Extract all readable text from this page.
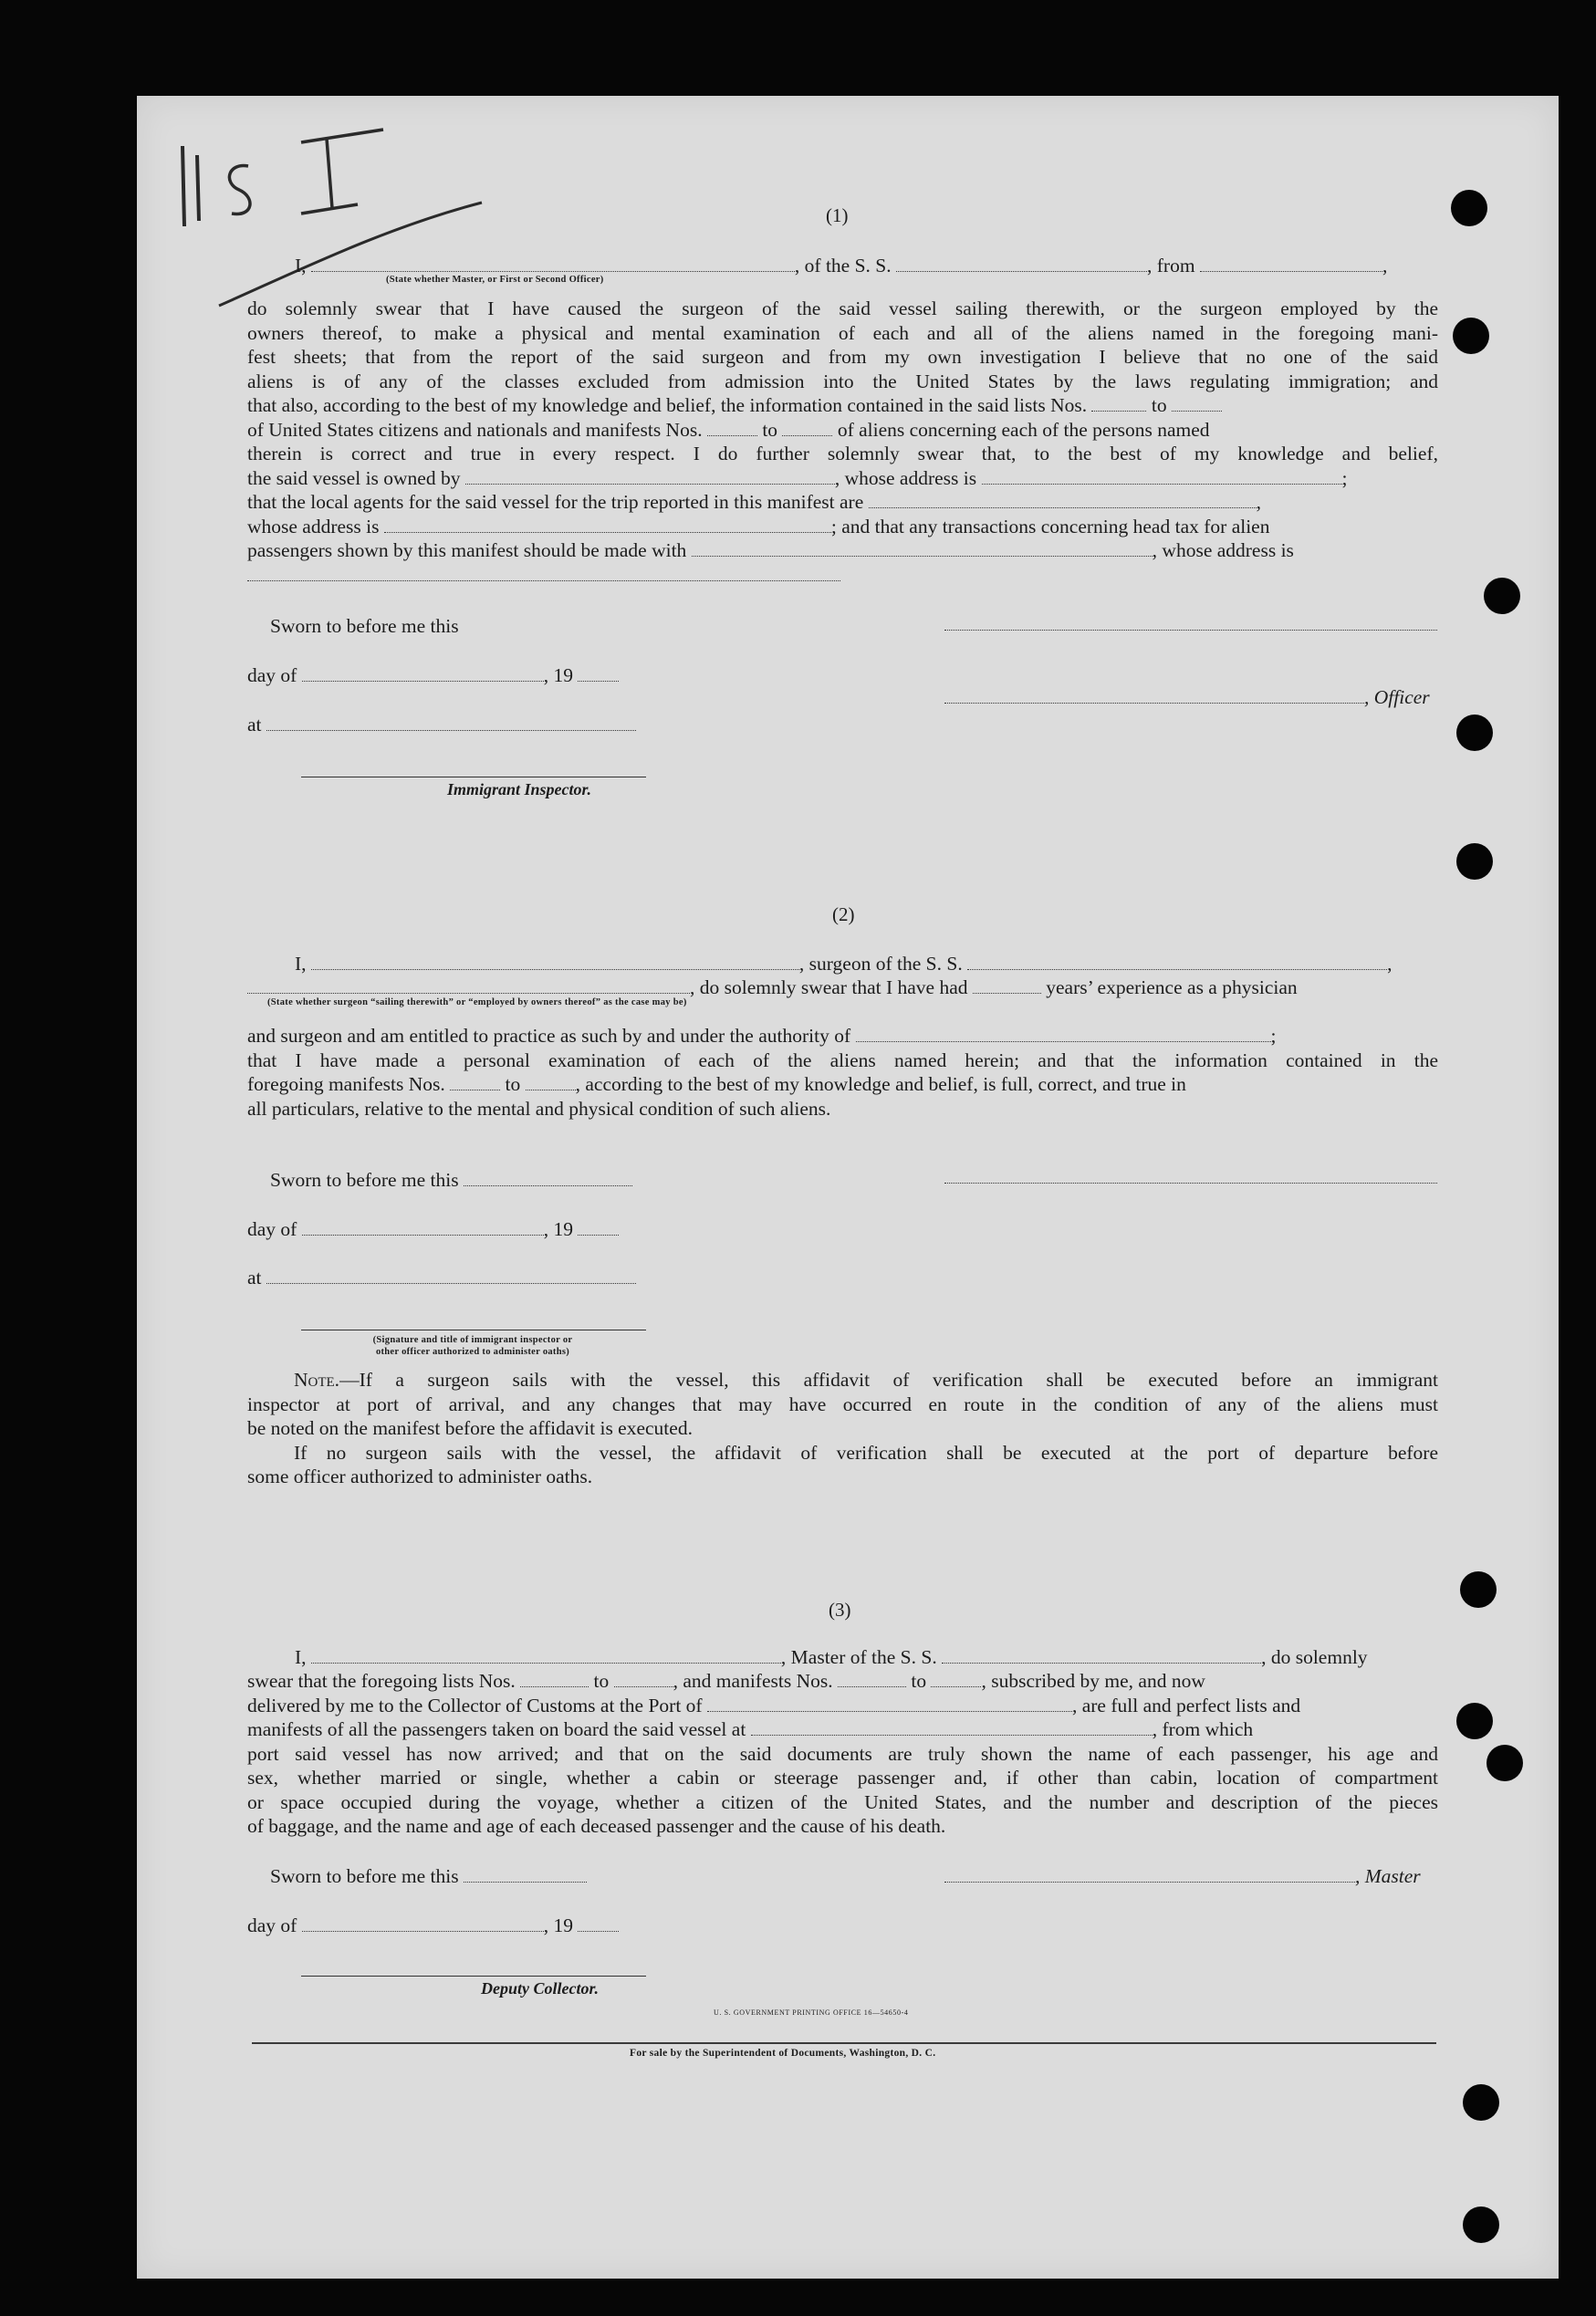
(1)
I,	, of the S. S.	, from	,
(State whether Master, or First or Second Officer)
do solemnly swear that I have caused the surgeon of the said vessel sailing therewith, or the surgeon employed by the
owners thereof, to make a physical and mental examination of each and all of the aliens named in the foregoing mani-
fest sheets; that from the report of the said surgeon and from my own investigation I believe that no one of the said
aliens is of any of the classes excluded from admission into the United States by the laws regulating immigration; and
that also, according to the best of my knowledge and belief, the information contained in the said lists Nos.	to
of United States citizens and nationals and manifests Nos.	to	of aliens concerning each of the persons named
therein is correct and true in every respect. I do further solemnly swear that, to the best of my knowledge and belief,
the said vessel is owned by	, whose address is	;
that the local agents for the said vessel for the trip reported in this manifest are	,
whose address is	; and that any transactions concerning head tax for alien
passengers shown by this manifest should be made with	, whose address is
Sworn to before me this
day of	, 19
at
, Officer
Immigrant Inspector.
(2)
I,	, surgeon of the S. S.	,
, do solemnly swear that I have had	years’ experience as a physician
(State whether surgeon “sailing therewith” or “employed by owners thereof” as the case may be)
and surgeon and am entitled to practice as such by and under the authority of	;
that I have made a personal examination of each of the aliens named herein; and that the information contained in the
foregoing manifests Nos.	to	, according to the best of my knowledge and belief, is full, correct, and true in
all particulars, relative to the mental and physical condition of such aliens.
Sworn to before me this
day of	, 19
at
(Signature and title of immigrant inspector or
other officer authorized to administer oaths)
Note.—If a surgeon sails with the vessel, this affidavit of verification shall be executed before an immigrant
inspector at port of arrival, and any changes that may have occurred en route in the condition of any of the aliens must
be noted on the manifest before the affidavit is executed.
If no surgeon sails with the vessel, the affidavit of verification shall be executed at the port of departure before
some officer authorized to administer oaths.
(3)
I,	, Master of the S. S.	, do solemnly
swear that the foregoing lists Nos.	to	, and manifests Nos.	to	, subscribed by me, and now
delivered by me to the Collector of Customs at the Port of	, are full and perfect lists and
manifests of all the passengers taken on board the said vessel at	, from which
port said vessel has now arrived; and that on the said documents are truly shown the name of each passenger, his age and
sex, whether married or single, whether a cabin or steerage passenger and, if other than cabin, location of compartment
or space occupied during the voyage, whether a citizen of the United States, and the number and description of the pieces
of baggage, and the name and age of each deceased passenger and the cause of his death.
Sworn to before me this	, Master
day of	, 19
Deputy Collector.
U. S. GOVERNMENT PRINTING OFFICE 16—54650-4
For sale by the Superintendent of Documents, Washington, D. C.
